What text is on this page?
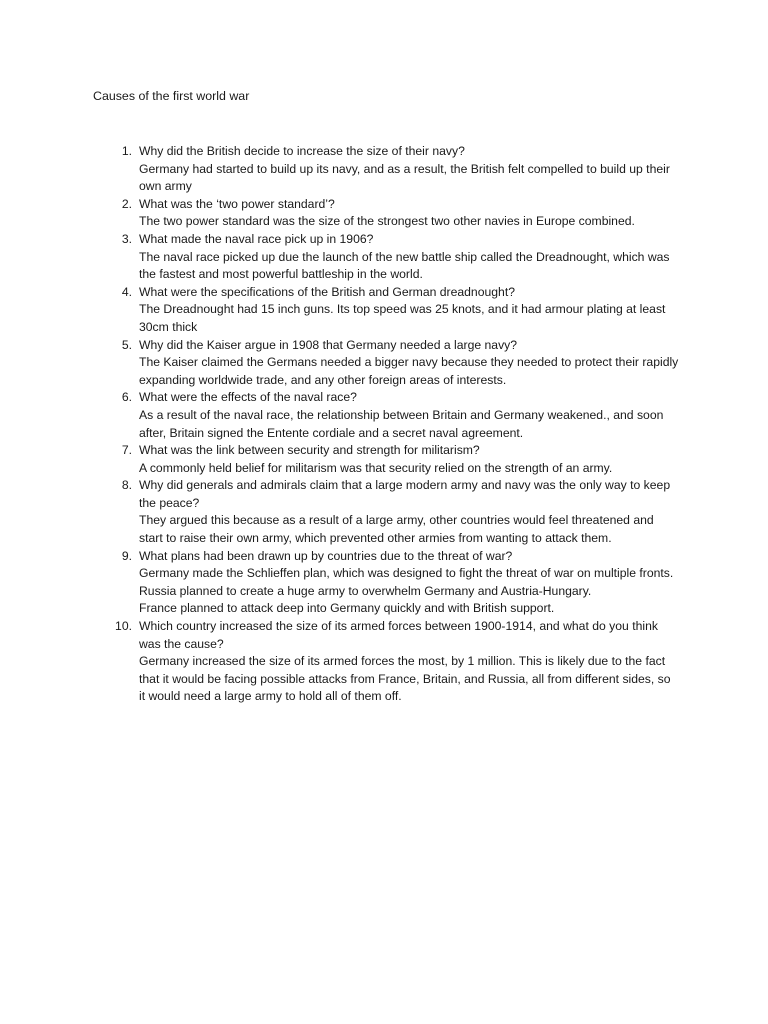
Causes of the first world war
1. Why did the British decide to increase the size of their navy?
Germany had started to build up its navy, and as a result, the British felt compelled to build up their own army
2. What was the ‘two power standard’?
The two power standard was the size of the strongest two other navies in Europe combined.
3. What made the naval race pick up in 1906?
The naval race picked up due the launch of the new battle ship called the Dreadnought, which was the fastest and most powerful battleship in the world.
4. What were the specifications of the British and German dreadnought?
The Dreadnought had 15 inch guns. Its top speed was 25 knots, and it had armour plating at least 30cm thick
5. Why did the Kaiser argue in 1908 that Germany needed a large navy?
The Kaiser claimed the Germans needed a bigger navy because they needed to protect their rapidly expanding worldwide trade, and any other foreign areas of interests.
6. What were the effects of the naval race?
As a result of the naval race, the relationship between Britain and Germany weakened., and soon after, Britain signed the Entente cordiale and a secret naval agreement.
7. What was the link between security and strength for militarism?
A commonly held belief for militarism was that security relied on the strength of an army.
8. Why did generals and admirals claim that a large modern army and navy was the only way to keep the peace?
They argued this because as a result of a large army, other countries would feel threatened and start to raise their own army, which prevented other armies from wanting to attack them.
9. What plans had been drawn up by countries due to the threat of war?
Germany made the Schlieffen plan, which was designed to fight the threat of war on multiple fronts.
Russia planned to create a huge army to overwhelm Germany and Austria-Hungary.
France planned to attack deep into Germany quickly and with British support.
10. Which country increased the size of its armed forces between 1900-1914, and what do you think was the cause?
Germany increased the size of its armed forces the most, by 1 million. This is likely due to the fact that it would be facing possible attacks from France, Britain, and Russia, all from different sides, so it would need a large army to hold all of them off.
